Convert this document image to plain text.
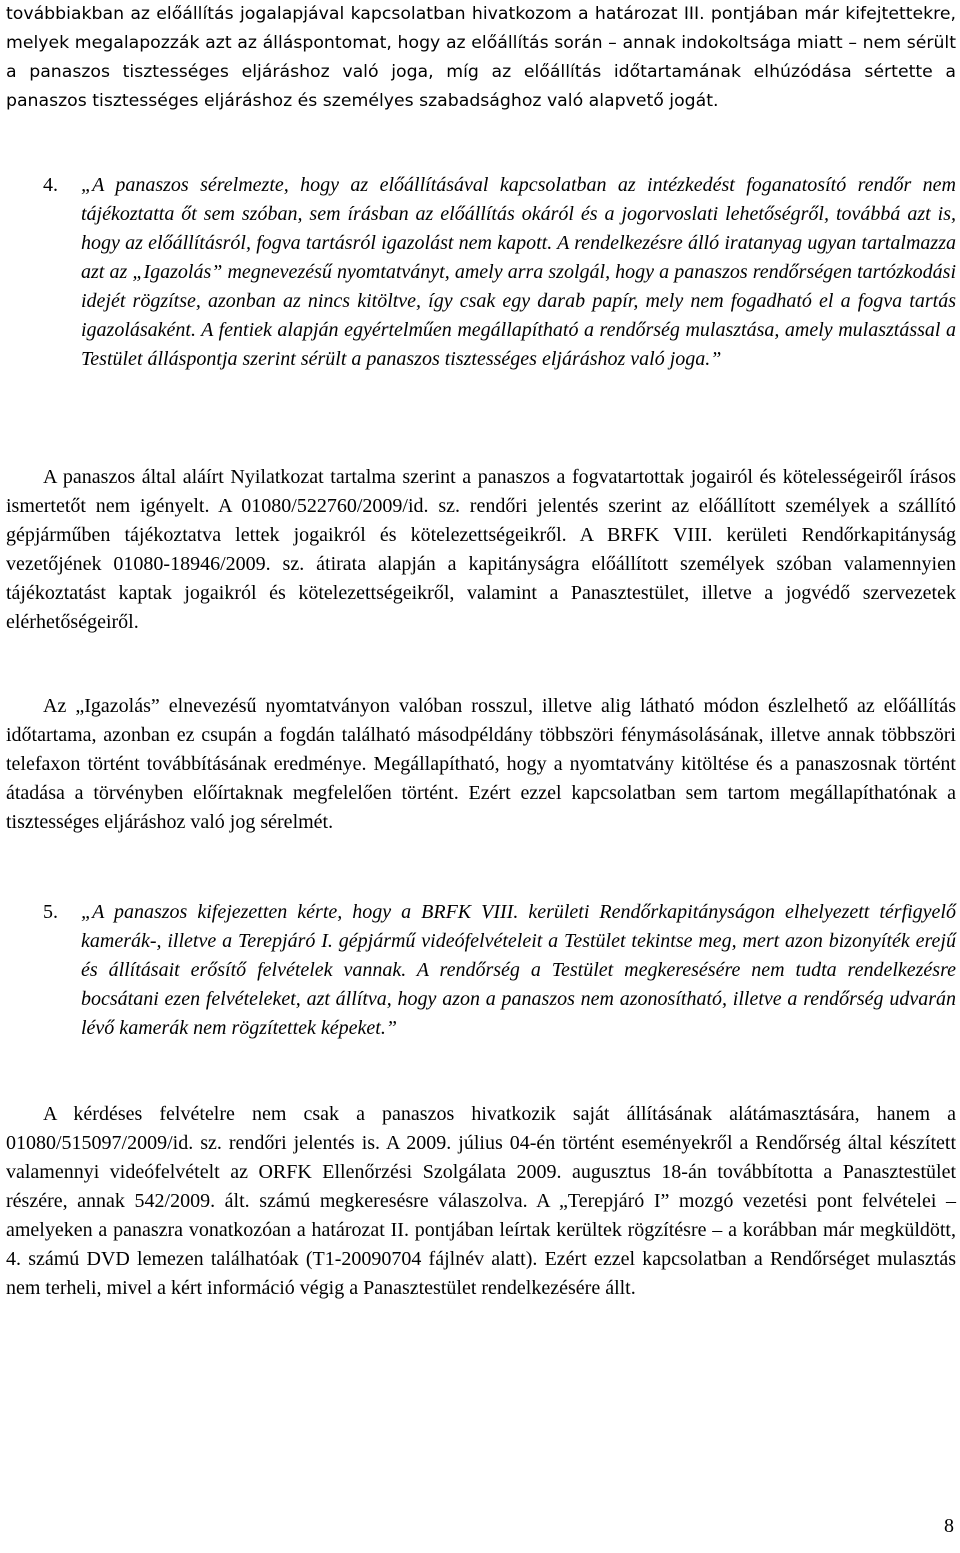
továbbiakban az előállítás jogalapjával kapcsolatban hivatkozom a határozat III. pontjában már kifejtettekre, melyek megalapozzák azt az álláspontomat, hogy az előállítás során – annak indokoltsága miatt – nem sérült a panaszos tisztességes eljáráshoz való joga, míg az előállítás időtartamának elhúzódása sértette a panaszos tisztességes eljáráshoz és személyes szabadsághoz való alapvető jogát.

4. „A panaszos sérelmezte, hogy az előállításával kapcsolatban az intézkedést foganatosító rendőr nem tájékoztatta őt sem szóban, sem írásban az előállítás okáról és a jogorvoslati lehetőségről, továbbá azt is, hogy az előállításról, fogva tartásról igazolást nem kapott. A rendelkezésre álló iratanyag ugyan tartalmazza azt az „Igazolás” megnevezésű nyomtatványt, amely arra szolgál, hogy a panaszos rendőrségen tartózkodási idejét rögzítse, azonban az nincs kitöltve, így csak egy darab papír, mely nem fogadható el a fogva tartás igazolásaként. A fentiek alapján egyértelműen megállapítható a rendőrség mulasztása, amely mulasztással a Testület álláspontja szerint sérült a panaszos tisztességes eljáráshoz való joga.”

A panaszos által aláírt Nyilatkozat tartalma szerint a panaszos a fogvatartottak jogairól és kötelességeiről írásos ismertetőt nem igényelt. A 01080/522760/2009/id. sz. rendőri jelentés szerint az előállított személyek a szállító gépjárműben tájékoztatva lettek jogaikról és kötelezettségeikről. A BRFK VIII. kerületi Rendőrkapitányság vezetőjének 01080-18946/2009. sz. átirata alapján a kapitányságra előállított személyek szóban valamennyien tájékoztatást kaptak jogaikról és kötelezettségeikről, valamint a Panasztestület, illetve a jogvédő szervezetek elérhetőségeiről.

Az „Igazolás” elnevezésű nyomtatványon valóban rosszul, illetve alig látható módon észlelhető az előállítás időtartama, azonban ez csupán a fogdán található másodpéldány többszöri fénymásolásának, illetve annak többszöri telefaxon történt továbbításának eredménye. Megállapítható, hogy a nyomtatvány kitöltése és a panaszosnak történt átadása a törvényben előírtaknak megfelelően történt. Ezért ezzel kapcsolatban sem tartom megállapíthatónak a tisztességes eljáráshoz való jog sérelmét.

5. „A panaszos kifejezetten kérte, hogy a BRFK VIII. kerületi Rendőrkapitányságon elhelyezett térfigyelő kamerák-, illetve a Terepjáró I. gépjármű videófelvételeit a Testület tekintse meg, mert azon bizonyíték erejű és állításait erősítő felvételek vannak. A rendőrség a Testület megkeresésére nem tudta rendelkezésre bocsátani ezen felvételeket, azt állítva, hogy azon a panaszos nem azonosítható, illetve a rendőrség udvarán lévő kamerák nem rögzítettek képeket.”

A kérdéses felvételre nem csak a panaszos hivatkozik saját állításának alátámasztására, hanem a 01080/515097/2009/id. sz. rendőri jelentés is. A 2009. július 04-én történt eseményekről a Rendőrség által készített valamennyi videófelvételt az ORFK Ellenőrzési Szolgálata 2009. augusztus 18-án továbbította a Panasztestület részére, annak 542/2009. ált. számú megkeresésre válaszolva. A „Terepjáró I” mozgó vezetési pont felvételei – amelyeken a panaszra vonatkozóan a határozat II. pontjában leírtak kerültek rögzítésre – a korábban már megküldött, 4. számú DVD lemezen találhatóak (T1-20090704 fájlnév alatt). Ezért ezzel kapcsolatban a Rendőrséget mulasztás nem terheli, mivel a kért információ végig a Panasztestület rendelkezésére állt.

8
